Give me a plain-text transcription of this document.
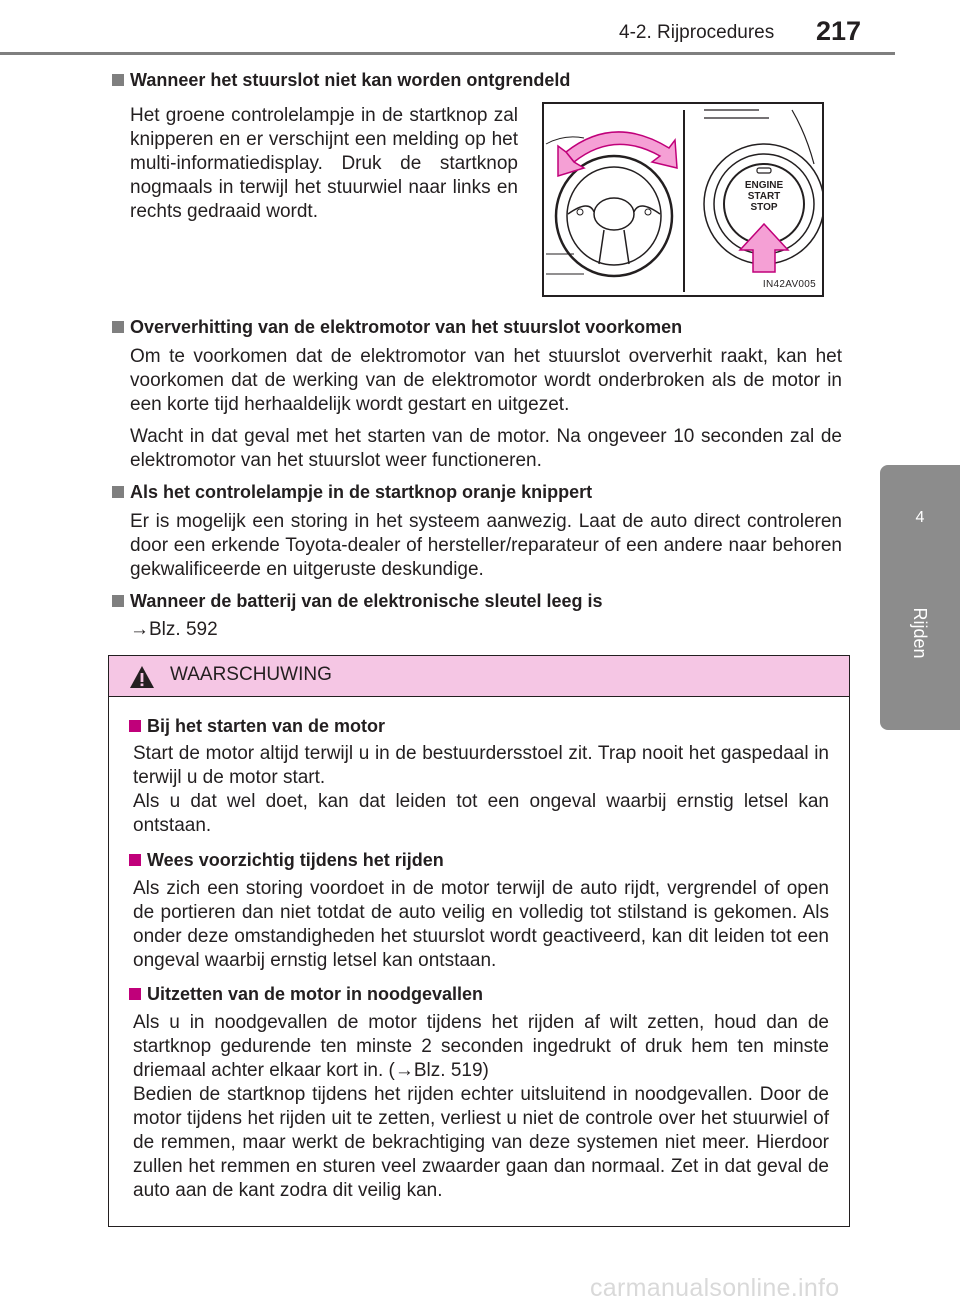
4-2. Rijprocedures 217
4
Rijden
Wanneer het stuurslot niet kan worden ontgrendeld
Het groene controlelampje in de startknop zal knipperen en er verschijnt een melding op het multi-informatiedisplay. Druk de startknop nogmaals in terwijl het stuurwiel naar links en rechts gedraaid wordt.
ENGINE
START
STOP
IN42AV005
Oververhitting van de elektromotor van het stuurslot voorkomen
Om te voorkomen dat de elektromotor van het stuurslot oververhit raakt, kan het voorkomen dat de werking van de elektromotor wordt onderbroken als de motor in een korte tijd herhaaldelijk wordt gestart en uitgezet.
Wacht in dat geval met het starten van de motor. Na ongeveer 10 seconden zal de elektromotor van het stuurslot weer functioneren.
Als het controlelampje in de startknop oranje knippert
Er is mogelijk een storing in het systeem aanwezig. Laat de auto direct controleren door een erkende Toyota-dealer of hersteller/reparateur of een andere naar behoren gekwalificeerde en uitgeruste deskundige.
Wanneer de batterij van de elektronische sleutel leeg is
→Blz. 592
WAARSCHUWING
Bij het starten van de motor
Start de motor altijd terwijl u in de bestuurdersstoel zit. Trap nooit het gaspedaal in terwijl u de motor start.
Als u dat wel doet, kan dat leiden tot een ongeval waarbij ernstig letsel kan ontstaan.
Wees voorzichtig tijdens het rijden
Als zich een storing voordoet in de motor terwijl de auto rijdt, vergrendel of open de portieren dan niet totdat de auto veilig en volledig tot stilstand is gekomen. Als onder deze omstandigheden het stuurslot wordt geactiveerd, kan dit leiden tot een ongeval waarbij ernstig letsel kan ontstaan.
Uitzetten van de motor in noodgevallen
Als u in noodgevallen de motor tijdens het rijden af wilt zetten, houd dan de startknop gedurende ten minste 2 seconden ingedrukt of druk hem ten minste driemaal achter elkaar kort in. (→Blz. 519)
Bedien de startknop tijdens het rijden echter uitsluitend in noodgevallen. Door de motor tijdens het rijden uit te zetten, verliest u niet de controle over het stuurwiel of de remmen, maar werkt de bekrachtiging van deze systemen niet meer. Hierdoor zullen het remmen en sturen veel zwaarder gaan dan normaal. Zet in dat geval de auto aan de kant zodra dit veilig kan.
carmanualsonline.info
